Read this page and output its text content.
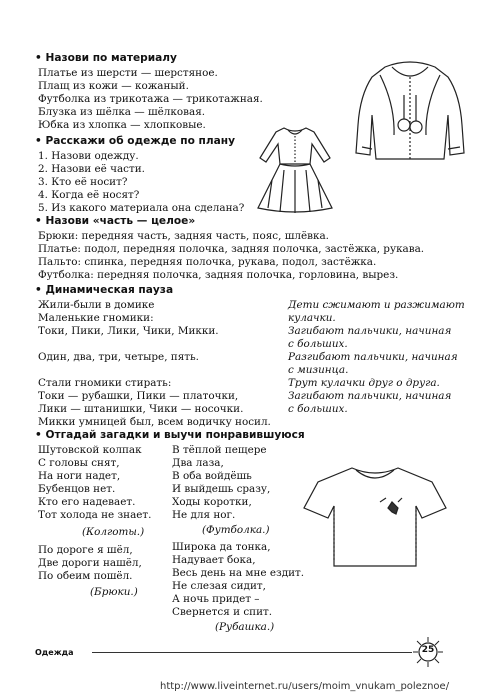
• Назови по материалу
Платье из шерсти — шерстяное.
Плащ из кожи — кожаный.
Футболка из трикотажа — трикотажная.
Блузка из шёлка — шёлковая.
Юбка из хлопка — хлопковые.
• Расскажи об одежде по плану
1. Назови одежду.
2. Назови её части.
3. Кто её носит?
4. Когда её носят?
5. Из какого материала она сделана?
• Назови «часть — целое»
Брюки: передняя часть, задняя часть, пояс, шлёвка.
Платье: подол, передняя полочка, задняя полочка, застёжка, рукава.
Пальто: спинка, передняя полочка, рукава, подол, застёжка.
Футболка: передняя полочка, задняя полочка, горловина, вырез.
• Динамическая пауза
Жили-были в домике
Маленькие гномики:
Токи, Пики, Лики, Чики, Микки.
Один, два, три, четыре, пять.
Стали гномики стирать:
Токи — рубашки, Пики — платочки,
Лики — штанишки, Чики — носочки.
Микки умницей был, всем водичку носил.
Дети сжимают и разжимают
кулачки.
Загибают пальчики, начиная
с больших.
Разгибают пальчики, начиная
с мизинца.
Трут кулачки друг о друга.
Загибают пальчики, начиная
с больших.
• Отгадай загадки и выучи понравившуюся
Шутовской колпак
С головы снят,
На ноги надет,
Бубенцов нет.
Кто его надевает.
Тот холода не знает.
(Колготы.)
По дороге я шёл,
Две дороги нашёл,
По обеим пошёл.
(Брюки.)
В тёплой пещере
Два лаза,
В оба войдёшь
И выйдешь сразу,
Ходы коротки,
Не для ног.
(Футболка.)
Широка да тонка,
Надувает бока,
Весь день на мне ездит.
Не слезая сидит,
А ночь придет –
Свернется и спит.
(Рубашка.)
Одежда	25
http://www.liveinternet.ru/users/moim_vnukam_poleznoe/
